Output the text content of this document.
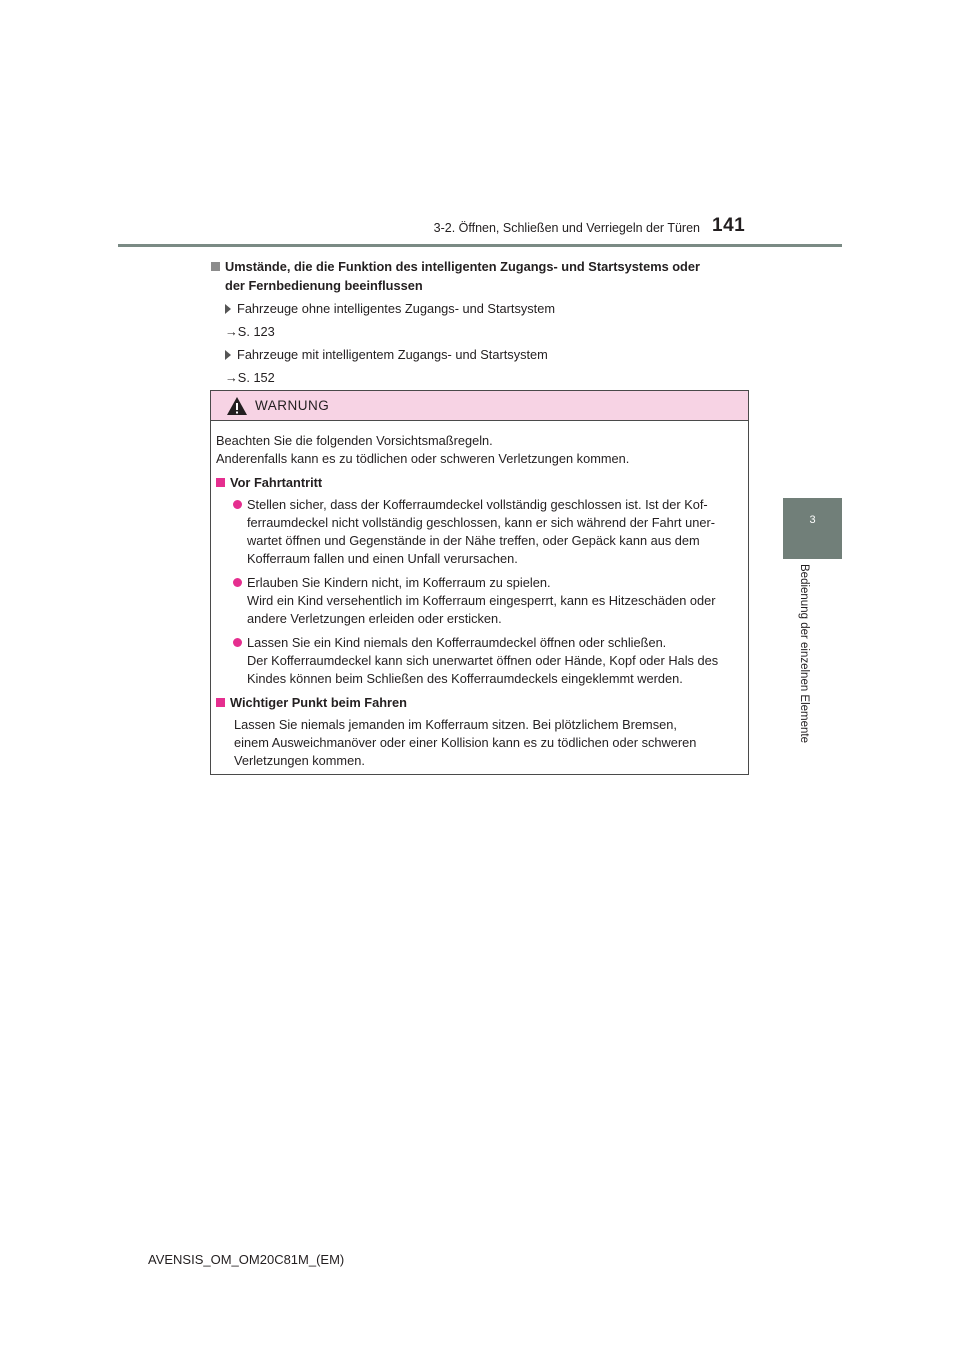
3-2. Öffnen, Schließen und Verriegeln der Türen 141
3
Bedienung der einzelnen Elemente
Umstände, die die Funktion des intelligenten Zugangs- und Startsystems oder
der Fernbedienung beeinflussen
Fahrzeuge ohne intelligentes Zugangs- und Startsystem
→S. 123
Fahrzeuge mit intelligentem Zugangs- und Startsystem
→S. 152
WARNUNG

Beachten Sie die folgenden Vorsichtsmaßregeln.
Anderenfalls kann es zu tödlichen oder schweren Verletzungen kommen.

Vor Fahrtantritt
Stellen sicher, dass der Kofferraumdeckel vollständig geschlossen ist. Ist der Kof-
ferraumdeckel nicht vollständig geschlossen, kann er sich während der Fahrt uner-
wartet öffnen und Gegenstände in der Nähe treffen, oder Gepäck kann aus dem
Kofferraum fallen und einen Unfall verursachen.
Erlauben Sie Kindern nicht, im Kofferraum zu spielen.
Wird ein Kind versehentlich im Kofferraum eingesperrt, kann es Hitzeschäden oder
andere Verletzungen erleiden oder ersticken.
Lassen Sie ein Kind niemals den Kofferraumdeckel öffnen oder schließen.
Der Kofferraumdeckel kann sich unerwartet öffnen oder Hände, Kopf oder Hals des
Kindes können beim Schließen des Kofferraumdeckels eingeklemmt werden.
Wichtiger Punkt beim Fahren

Lassen Sie niemals jemanden im Kofferraum sitzen. Bei plötzlichem Bremsen,
einem Ausweichmanöver oder einer Kollision kann es zu tödlichen oder schweren
Verletzungen kommen.

AVENSIS_OM_OM20C81M_(EM)
